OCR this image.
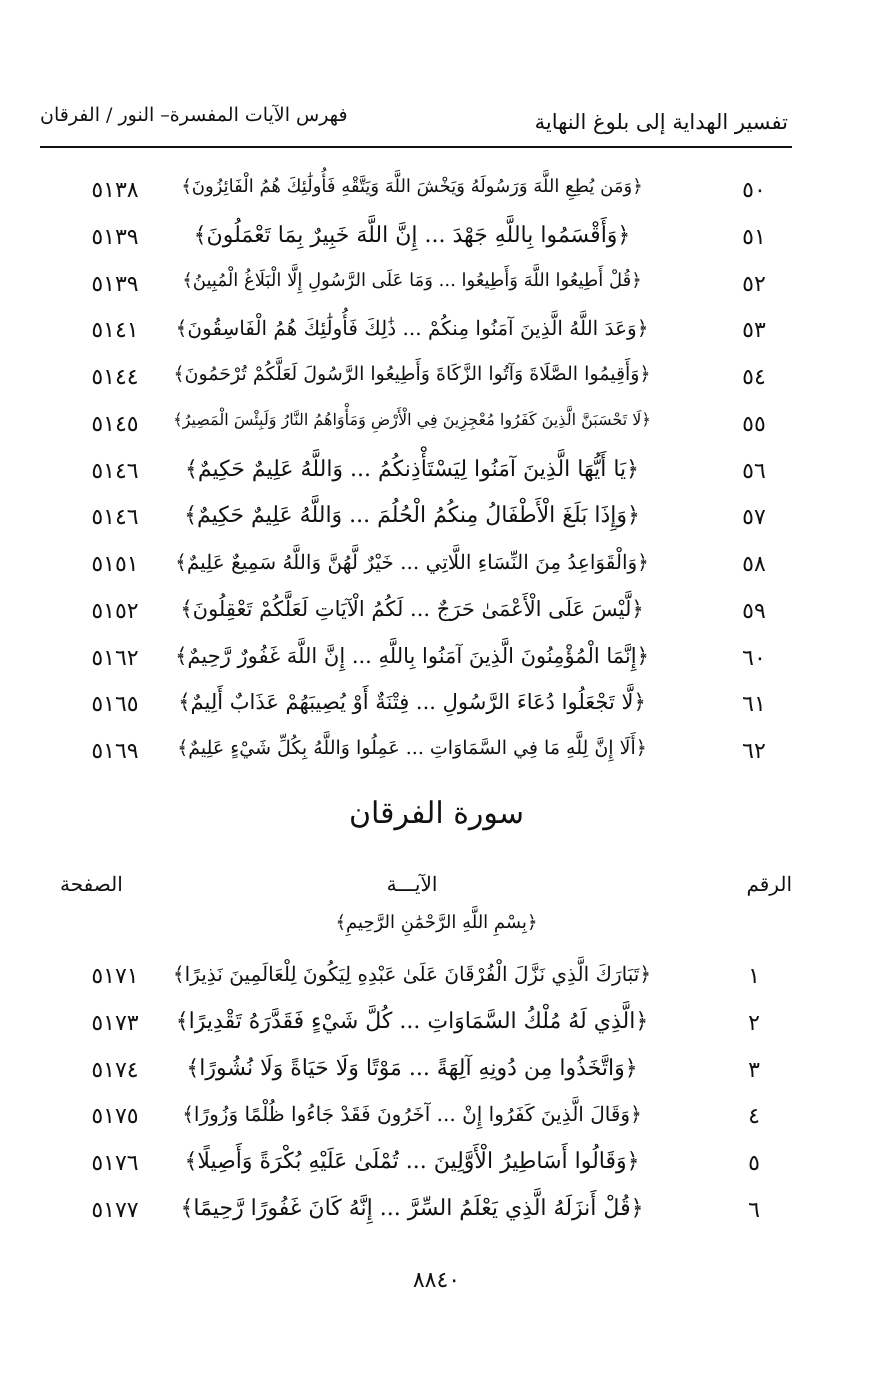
تفسير الهداية إلى بلوغ النهاية
فهرس الآيات المفسرة– النور / الفرقان
٥٠
﴿وَمَن يُطِعِ اللَّهَ وَرَسُولَهُ وَيَخْشَ اللَّهَ وَيَتَّقْهِ فَأُولَٰئِكَ هُمُ الْفَائِزُونَ﴾
٥١٣٨
٥١
﴿وَأَقْسَمُوا بِاللَّهِ جَهْدَ ... إِنَّ اللَّهَ خَبِيرٌ بِمَا تَعْمَلُونَ﴾
٥١٣٩
٥٢
﴿قُلْ أَطِيعُوا اللَّهَ وَأَطِيعُوا ... وَمَا عَلَى الرَّسُولِ إِلَّا الْبَلَاغُ الْمُبِينُ﴾
٥١٣٩
٥٣
﴿وَعَدَ اللَّهُ الَّذِينَ آمَنُوا مِنكُمْ ... ذَٰلِكَ فَأُولَٰئِكَ هُمُ الْفَاسِقُونَ﴾
٥١٤١
٥٤
﴿وَأَقِيمُوا الصَّلَاةَ وَآتُوا الزَّكَاةَ وَأَطِيعُوا الرَّسُولَ لَعَلَّكُمْ تُرْحَمُونَ﴾
٥١٤٤
٥٥
﴿لَا تَحْسَبَنَّ الَّذِينَ كَفَرُوا مُعْجِزِينَ فِي الْأَرْضِ وَمَأْوَاهُمُ النَّارُ وَلَبِئْسَ الْمَصِيرُ﴾
٥١٤٥
٥٦
﴿يَا أَيُّهَا الَّذِينَ آمَنُوا لِيَسْتَأْذِنكُمُ ... وَاللَّهُ عَلِيمٌ حَكِيمٌ﴾
٥١٤٦
٥٧
﴿وَإِذَا بَلَغَ الْأَطْفَالُ مِنكُمُ الْحُلُمَ ... وَاللَّهُ عَلِيمٌ حَكِيمٌ﴾
٥١٤٦
٥٨
﴿وَالْقَوَاعِدُ مِنَ النِّسَاءِ اللَّاتِي ... خَيْرٌ لَّهُنَّ وَاللَّهُ سَمِيعٌ عَلِيمٌ﴾
٥١٥١
٥٩
﴿لَّيْسَ عَلَى الْأَعْمَىٰ حَرَجٌ ... لَكُمُ الْآيَاتِ لَعَلَّكُمْ تَعْقِلُونَ﴾
٥١٥٢
٦٠
﴿إِنَّمَا الْمُؤْمِنُونَ الَّذِينَ آمَنُوا بِاللَّهِ ... إِنَّ اللَّهَ غَفُورٌ رَّحِيمٌ﴾
٥١٦٢
٦١
﴿لَّا تَجْعَلُوا دُعَاءَ الرَّسُولِ ... فِتْنَةٌ أَوْ يُصِيبَهُمْ عَذَابٌ أَلِيمٌ﴾
٥١٦٥
٦٢
﴿أَلَا إِنَّ لِلَّهِ مَا فِي السَّمَاوَاتِ ... عَمِلُوا وَاللَّهُ بِكُلِّ شَيْءٍ عَلِيمٌ﴾
٥١٦٩
سورة الفرقان
الرقم
الآيـــة
الصفحة
﴿بِسْمِ اللَّهِ الرَّحْمَٰنِ الرَّحِيمِ﴾
١
﴿تَبَارَكَ الَّذِي نَزَّلَ الْفُرْقَانَ عَلَىٰ عَبْدِهِ لِيَكُونَ لِلْعَالَمِينَ نَذِيرًا﴾
٥١٧١
٢
﴿الَّذِي لَهُ مُلْكُ السَّمَاوَاتِ ... كُلَّ شَيْءٍ فَقَدَّرَهُ تَقْدِيرًا﴾
٥١٧٣
٣
﴿وَاتَّخَذُوا مِن دُونِهِ آلِهَةً ... مَوْتًا وَلَا حَيَاةً وَلَا نُشُورًا﴾
٥١٧٤
٤
﴿وَقَالَ الَّذِينَ كَفَرُوا إِنْ ... آخَرُونَ فَقَدْ جَاءُوا ظُلْمًا وَزُورًا﴾
٥١٧٥
٥
﴿وَقَالُوا أَسَاطِيرُ الْأَوَّلِينَ ... تُمْلَىٰ عَلَيْهِ بُكْرَةً وَأَصِيلًا﴾
٥١٧٦
٦
﴿قُلْ أَنزَلَهُ الَّذِي يَعْلَمُ السِّرَّ ... إِنَّهُ كَانَ غَفُورًا رَّحِيمًا﴾
٥١٧٧
٨٨٤٠
